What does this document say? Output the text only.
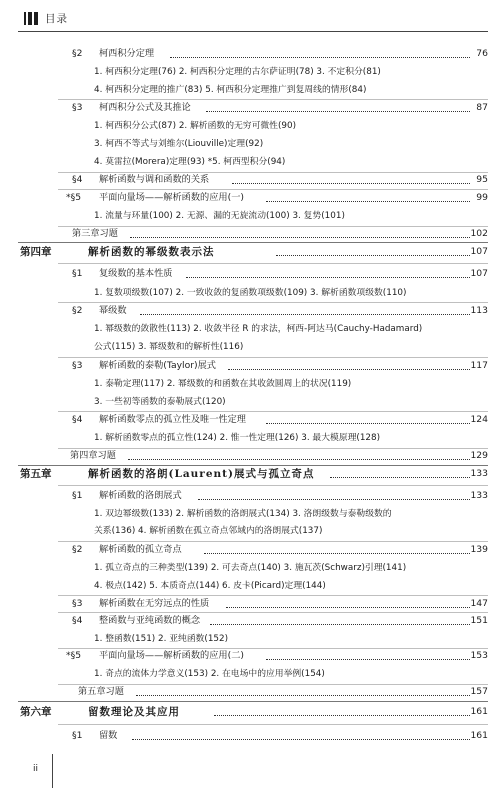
目录
§2 柯西积分定理	76
1. 柯西积分定理(76) 2. 柯西积分定理的古尔萨证明(78) 3. 不定积分(81)
4. 柯西积分定理的推广(83) 5. 柯西积分定理推广到复周线的情形(84)
§3 柯西积分公式及其推论	87
1. 柯西积分公式(87) 2. 解析函数的无穷可微性(90)
3. 柯西不等式与刘维尔(Liouville)定理(92)
4. 莫雷拉(Morera)定理(93) *5. 柯西型积分(94)
§4 解析函数与调和函数的关系	95
*§5 平面向量场——解析函数的应用(一)	99
1. 流量与环量(100) 2. 无源、漏的无旋流动(100) 3. 复势(101)
第三章习题	102
第四章	解析函数的幂级数表示法	107
§1 复级数的基本性质	107
1. 复数项级数(107) 2. 一致收敛的复函数项级数(109) 3. 解析函数项级数(110)
§2 幂级数	113
1. 幂级数的敛散性(113) 2. 收敛半径 R 的求法，柯西-阿达马(Cauchy-Hadamard)
公式(115) 3. 幂级数和的解析性(116)
§3 解析函数的泰勒(Taylor)展式	117
1. 泰勒定理(117) 2. 幂级数的和函数在其收敛圆周上的状况(119)
3. 一些初等函数的泰勒展式(120)
§4 解析函数零点的孤立性及唯一性定理	124
1. 解析函数零点的孤立性(124) 2. 惟一性定理(126) 3. 最大模原理(128)
第四章习题	129
第五章	解析函数的洛朗(Laurent)展式与孤立奇点	133
§1 解析函数的洛朗展式	133
1. 双边幂级数(133) 2. 解析函数的洛朗展式(134) 3. 洛朗级数与泰勒级数的
关系(136) 4. 解析函数在孤立奇点邻域内的洛朗展式(137)
§2 解析函数的孤立奇点	139
1. 孤立奇点的三种类型(139) 2. 可去奇点(140) 3. 施瓦茨(Schwarz)引理(141)
4. 极点(142) 5. 本质奇点(144) 6. 皮卡(Picard)定理(144)
§3 解析函数在无穷远点的性质	147
§4 整函数与亚纯函数的概念	151
1. 整函数(151) 2. 亚纯函数(152)
*§5 平面向量场——解析函数的应用(二)	153
1. 奇点的流体力学意义(153) 2. 在电场中的应用举例(154)
第五章习题	157
第六章	留数理论及其应用	161
§1 留数	161
ii
